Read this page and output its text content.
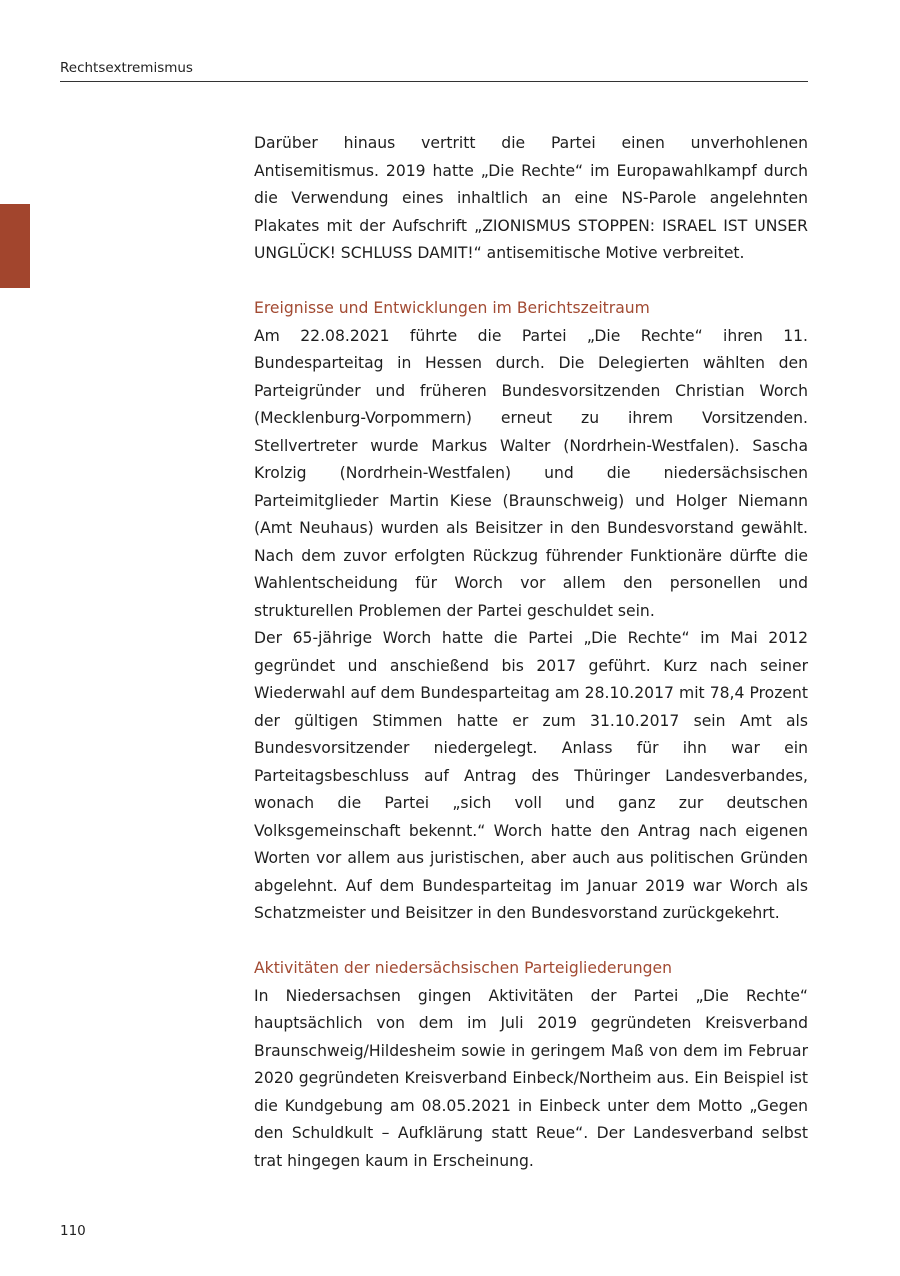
Rechtsextremismus

Darüber hinaus vertritt die Partei einen unverhohlenen Antisemitismus. 2019 hatte „Die Rechte“ im Europawahlkampf durch die Verwendung eines inhaltlich an eine NS-Parole angelehnten Plakates mit der Aufschrift „ZIONISMUS STOPPEN: ISRAEL IST UNSER UNGLÜCK! SCHLUSS DAMIT!“ antisemitische Motive verbreitet.

Ereignisse und Entwicklungen im Berichtszeitraum

Am 22.08.2021 führte die Partei „Die Rechte“ ihren 11. Bundesparteitag in Hessen durch. Die Delegierten wählten den Parteigründer und früheren Bundesvorsitzenden Christian Worch (Mecklenburg-Vorpommern) erneut zu ihrem Vorsitzenden. Stellvertreter wurde Markus Walter (Nordrhein-Westfalen). Sascha Krolzig (Nordrhein-Westfalen) und die niedersächsischen Parteimitglieder Martin Kiese (Braunschweig) und Holger Niemann (Amt Neuhaus) wurden als Beisitzer in den Bundesvorstand gewählt. Nach dem zuvor erfolgten Rückzug führender Funktionäre dürfte die Wahlentscheidung für Worch vor allem den personellen und strukturellen Problemen der Partei geschuldet sein.

Der 65-jährige Worch hatte die Partei „Die Rechte“ im Mai 2012 gegründet und anschießend bis 2017 geführt. Kurz nach seiner Wiederwahl auf dem Bundesparteitag am 28.10.2017 mit 78,4 Prozent der gültigen Stimmen hatte er zum 31.10.2017 sein Amt als Bundesvorsitzender niedergelegt. Anlass für ihn war ein Parteitagsbeschluss auf Antrag des Thüringer Landesverbandes, wonach die Partei „sich voll und ganz zur deutschen Volksgemeinschaft bekennt.“ Worch hatte den Antrag nach eigenen Worten vor allem aus juristischen, aber auch aus politischen Gründen abgelehnt. Auf dem Bundesparteitag im Januar 2019 war Worch als Schatzmeister und Beisitzer in den Bundesvorstand zurückgekehrt.

Aktivitäten der niedersächsischen Parteigliederungen

In Niedersachsen gingen Aktivitäten der Partei „Die Rechte“ hauptsächlich von dem im Juli 2019 gegründeten Kreisverband Braunschweig/Hildesheim sowie in geringem Maß von dem im Februar 2020 gegründeten Kreisverband Einbeck/Northeim aus. Ein Beispiel ist die Kundgebung am 08.05.2021 in Einbeck unter dem Motto „Gegen den Schuldkult – Aufklärung statt Reue“. Der Landesverband selbst trat hingegen kaum in Erscheinung.

110
